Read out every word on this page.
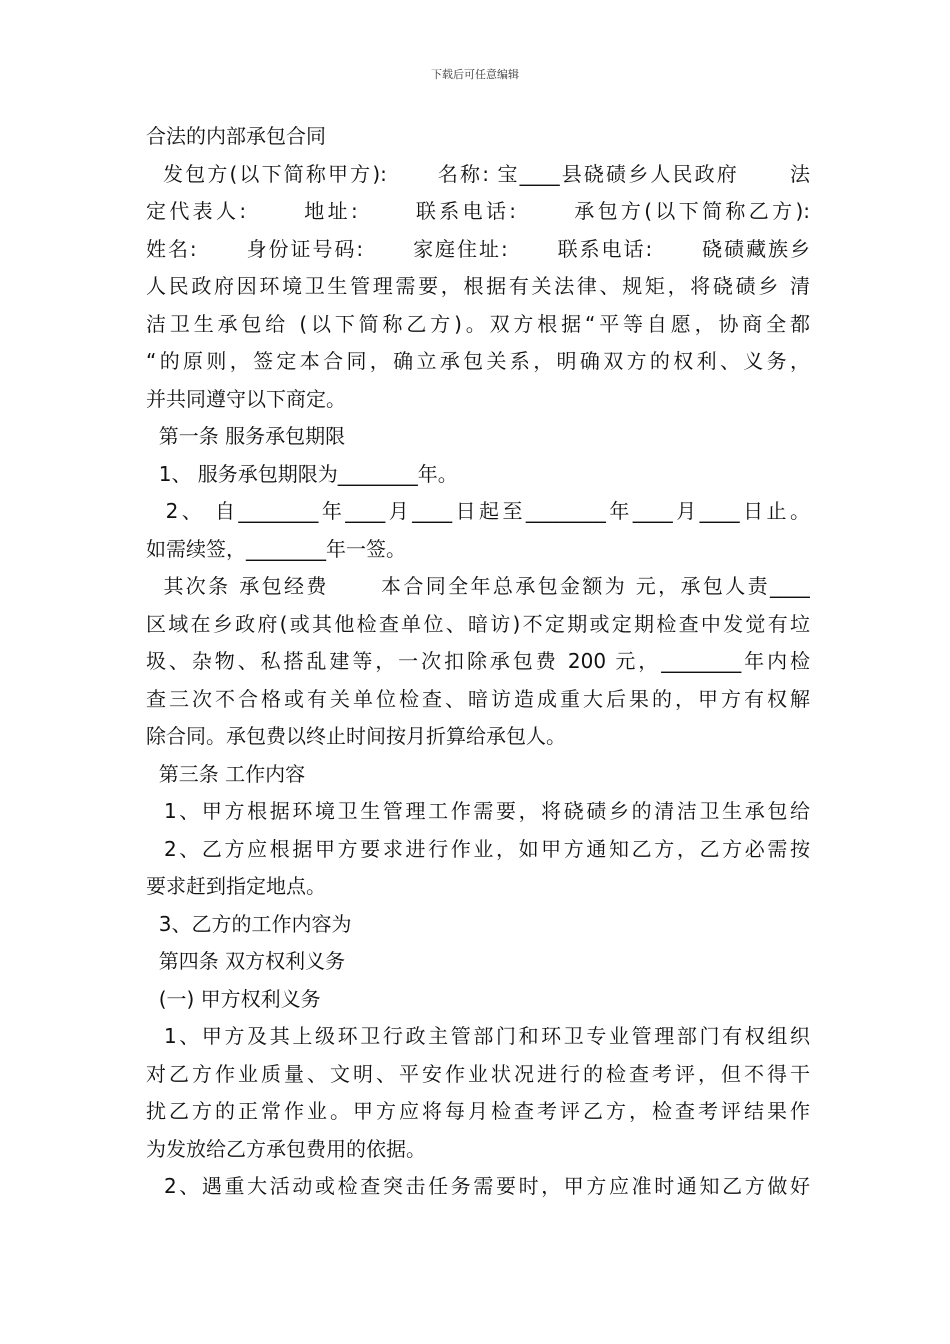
下载后可任意编辑
合法的内部承包合同
发包方(以下简称甲方):      名称: 宝____县硗碛乡人民政府      法
定代表人:      地址:      联系电话:      承包方(以下简称乙方):
姓名:      身份证号码:      家庭住址:      联系电话:      硗碛藏族乡
人民政府因环境卫生管理需要，根据有关法律、规矩，将硗碛乡 清
洁卫生承包给 (以下简称乙方)。双方根据“平等自愿，协商全都
“的原则，签定本合同，确立承包关系，明确双方的权利、义务，
并共同遵守以下商定。
第一条 服务承包期限
1、 服务承包期限为________年。
2、 自________年____月____日起至________年____月____日止。
如需续签，________年一签。
其次条 承包经费      本合同全年总承包金额为 元，承包人责____
区域在乡政府(或其他检查单位、暗访)不定期或定期检查中发觉有垃
圾、杂物、私搭乱建等，一次扣除承包费 200 元，________年内检
查三次不合格或有关单位检查、暗访造成重大后果的，甲方有权解
除合同。承包费以终止时间按月折算给承包人。
第三条 工作内容
1、甲方根据环境卫生管理工作需要，将硗碛乡的清洁卫生承包给
2、乙方应根据甲方要求进行作业，如甲方通知乙方，乙方必需按
要求赶到指定地点。
3、乙方的工作内容为
第四条 双方权利义务
(一) 甲方权利义务
1、甲方及其上级环卫行政主管部门和环卫专业管理部门有权组织
对乙方作业质量、文明、平安作业状况进行的检查考评，但不得干
扰乙方的正常作业。甲方应将每月检查考评乙方，检查考评结果作
为发放给乙方承包费用的依据。
2、遇重大活动或检查突击任务需要时，甲方应准时通知乙方做好
